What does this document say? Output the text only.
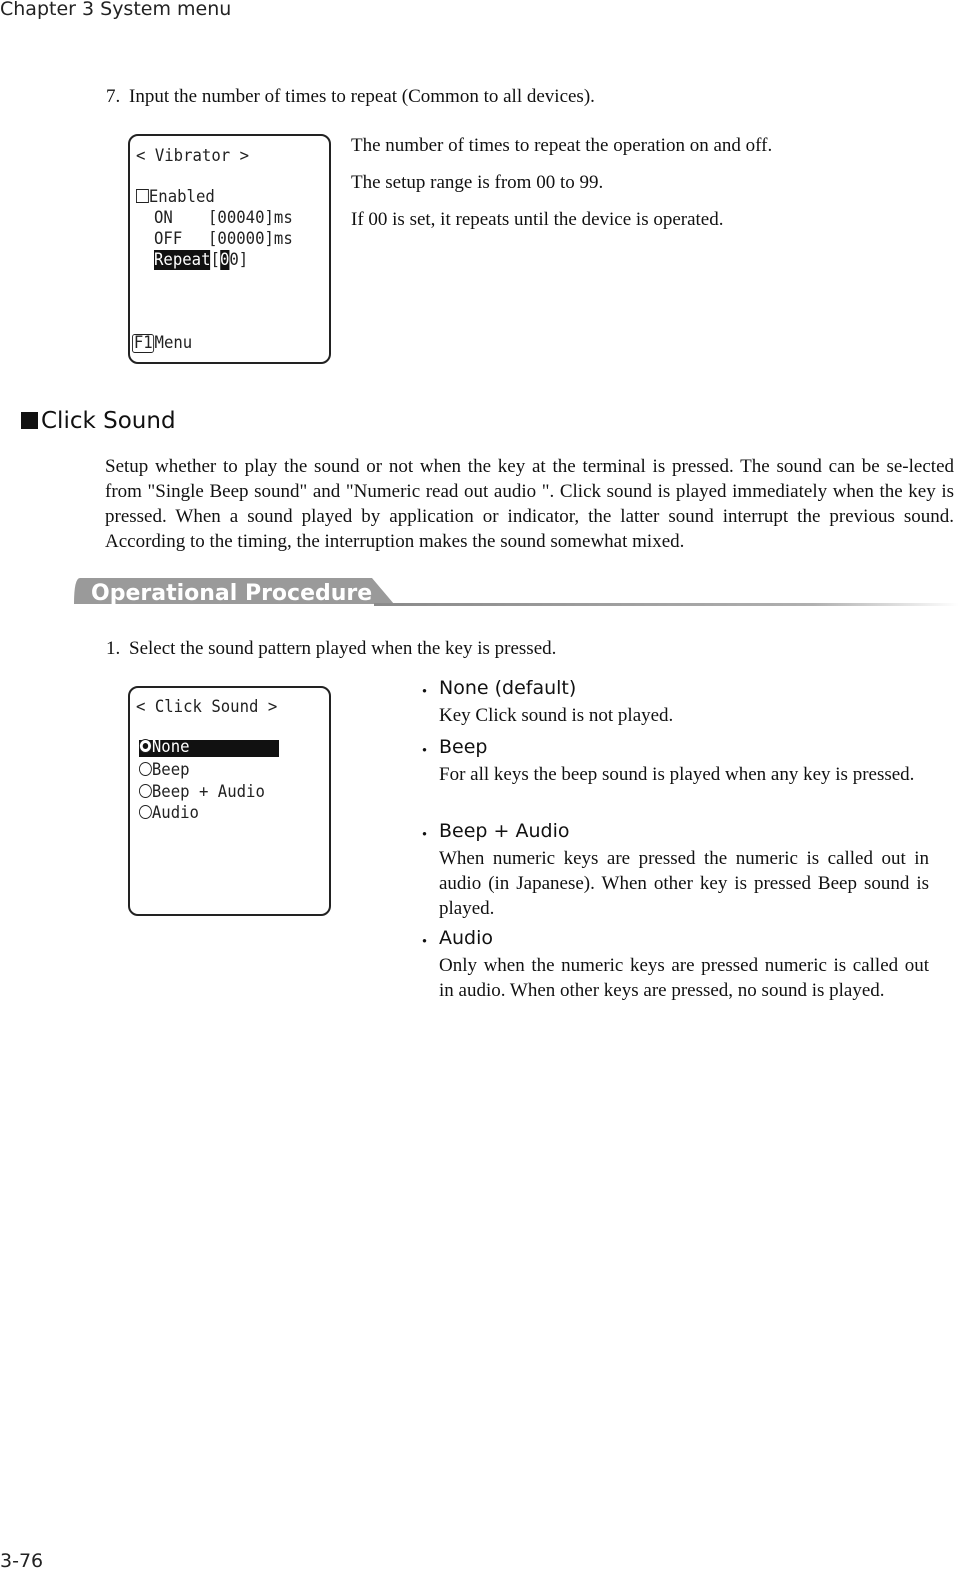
Chapter 3 System menu
7. Input the number of times to repeat (Common to all devices).
< Vibrator >
Enabled
ON [00040]ms
OFF [00000]ms
Repeat[00]
F1 Menu
The number of times to repeat the operation on and off.
The setup range is from 00 to 99.
If 00 is set, it repeats until the device is operated.
Click Sound
Setup whether to play the sound or not when the key at the terminal is pressed. The sound can be se-lected from "Single Beep sound" and "Numeric read out audio ". Click sound is played immediately when the key is pressed. When a sound played by application or indicator, the latter sound interrupt the previous sound. According to the timing, the interruption makes the sound somewhat mixed.
Operational Procedure
1. Select the sound pattern played when the key is pressed.
< Click Sound >
None
Beep
Beep + Audio
Audio
・ None (default)
Key Click sound is not played.
・ Beep
For all keys the beep sound is played when any key is pressed.
・ Beep + Audio
When numeric keys are pressed the numeric is called out in audio (in Japanese). When other key is pressed Beep sound is played.
・ Audio
Only when the numeric keys are pressed numeric is called out in audio. When other keys are pressed, no sound is played.
3-76
